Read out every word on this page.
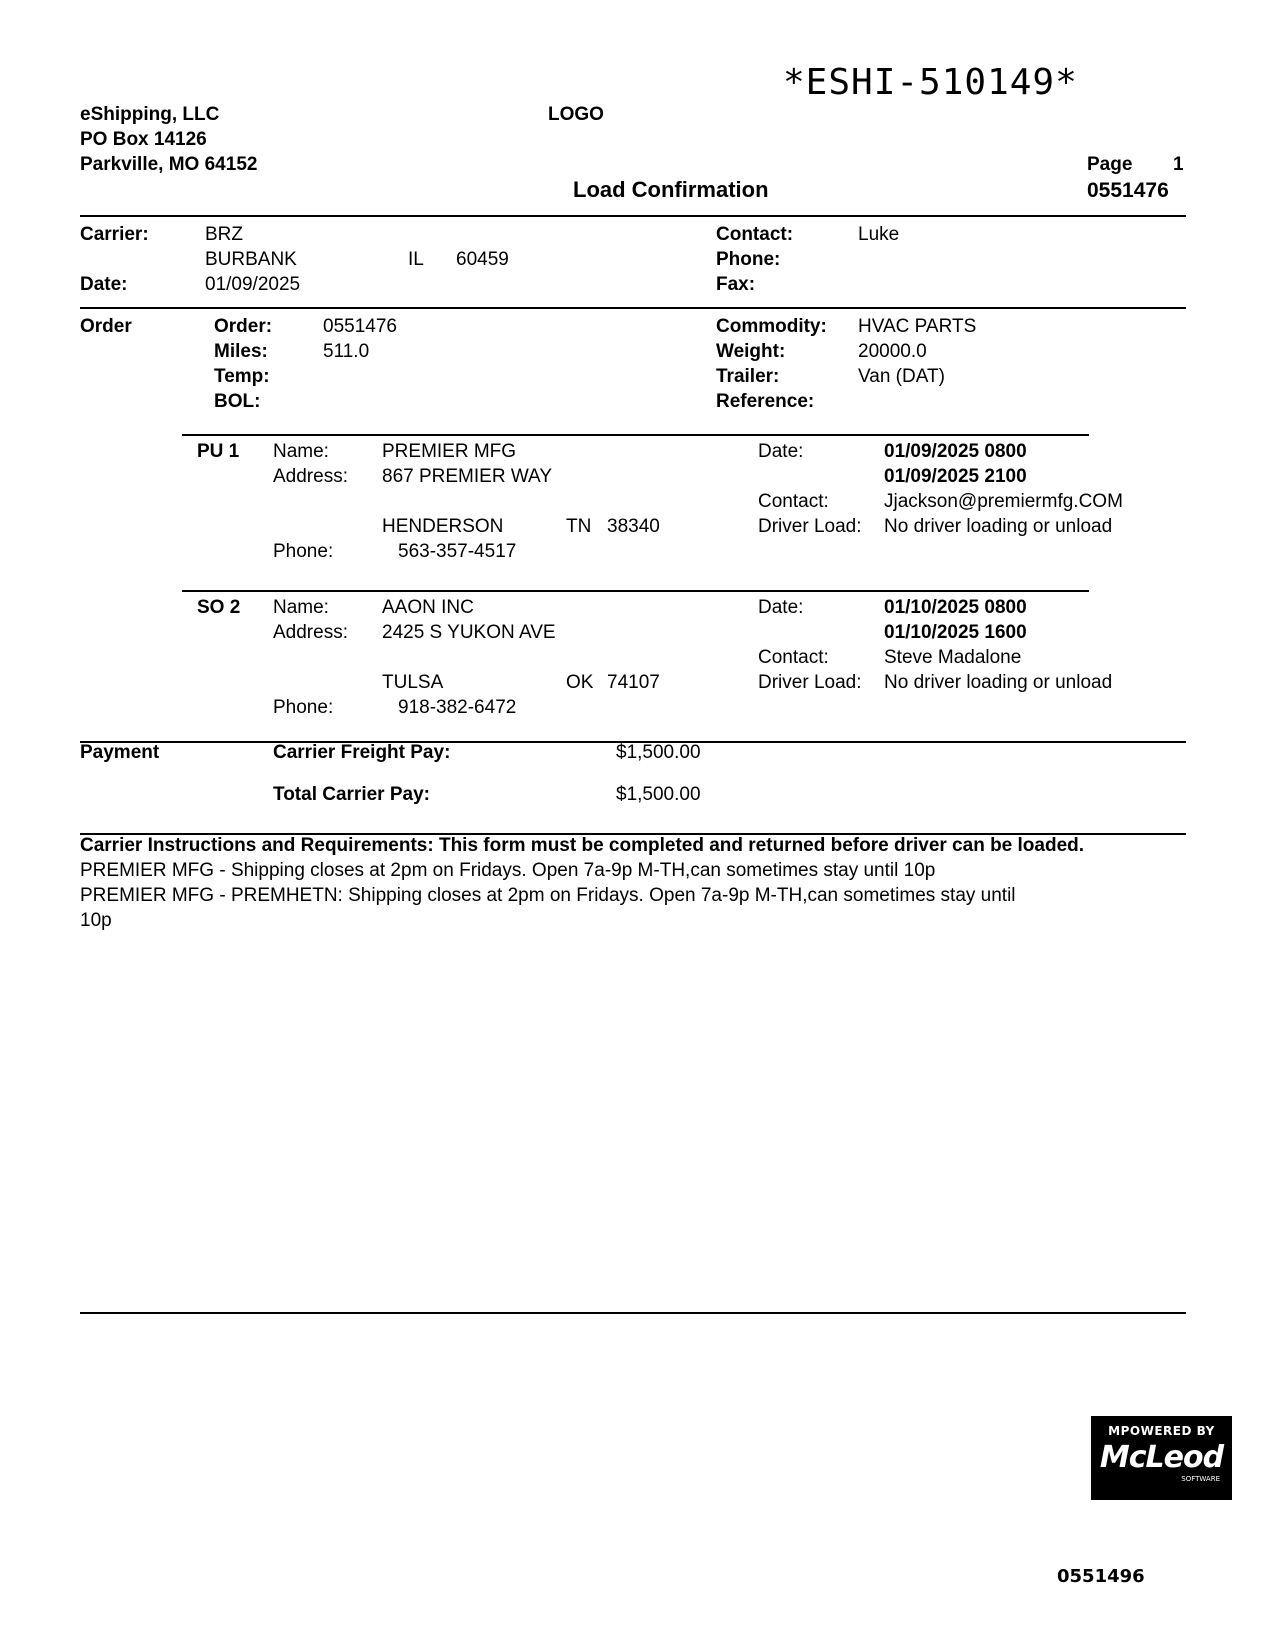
*ESHI-510149*
eShipping, LLC
PO Box 14126
Parkville, MO 64152
LOGO
Load Confirmation
Page 1
0551476
Carrier:	BRZ
BURBANK	IL 60459
Date:	01/09/2025
Contact:	Luke
Phone:
Fax:
Order	Order:	0551476
Miles:	511.0
Temp:
BOL:
Commodity: HVAC PARTS
Weight:	20000.0
Trailer:	Van (DAT)
Reference:
PU 1 Name:	PREMIER MFG
Address: 867 PREMIER WAY
HENDERSON	TN 38340
Phone:	563-357-4517
Date:	01/09/2025 0800
01/09/2025 2100
Contact:	Jjackson@premiermfg.COM
Driver Load: No driver loading or unload
SO 2 Name:	AAON INC
Address: 2425 S YUKON AVE
TULSA	OK 74107
Phone:	918-382-6472
Date:	01/10/2025 0800
01/10/2025 1600
Contact:	Steve Madalone
Driver Load: No driver loading or unload
Payment	Carrier Freight Pay:	$1,500.00
Total Carrier Pay:	$1,500.00
Carrier Instructions and Requirements: This form must be completed and returned before driver can be loaded.
PREMIER MFG - Shipping closes at 2pm on Fridays. Open 7a-9p M-TH,can sometimes stay until 10p
PREMIER MFG - PREMHETN: Shipping closes at 2pm on Fridays. Open 7a-9p M-TH,can sometimes stay until
10p
MPOWERED BY
McLeod
SOFTWARE
0551496
